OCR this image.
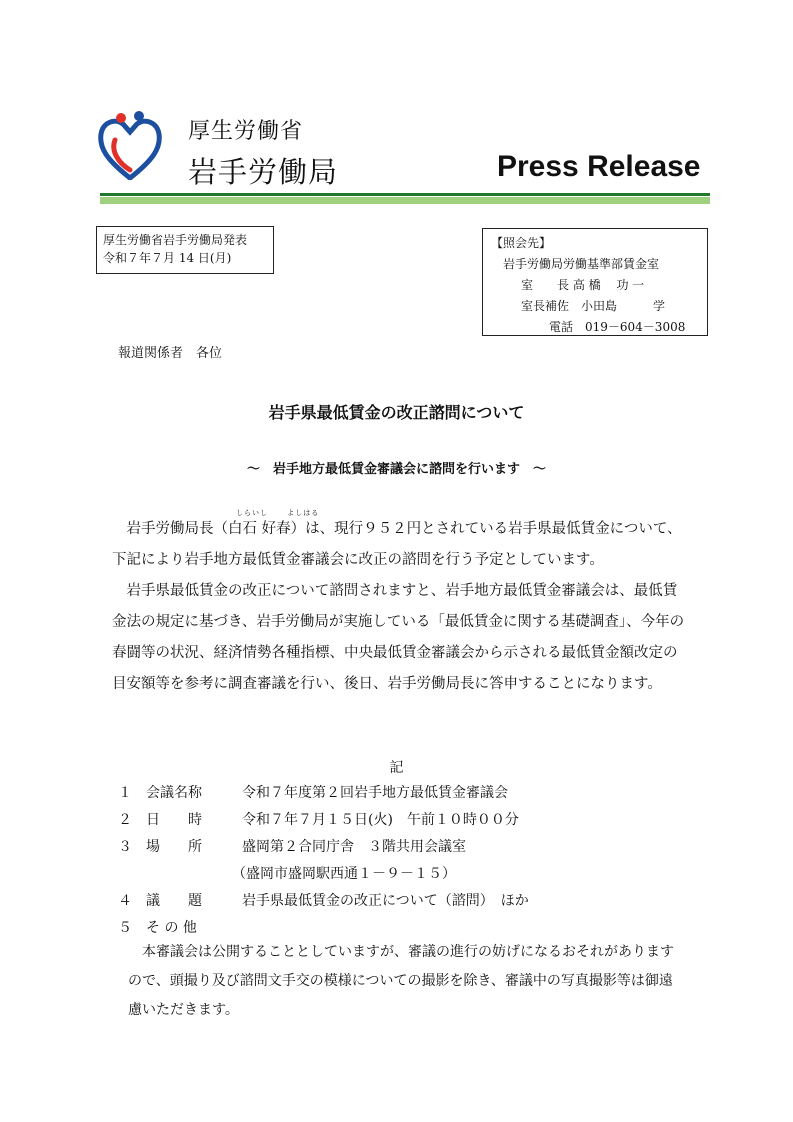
厚生労働省
岩手労働局	Press Release
厚生労働省岩手労働局発表
令和７年７月 14 日(月)
【照会先】
岩手労働局労働基準部賃金室
室　　長 高 橋　 功 一
室長補佐　小田島　　　学
電話　019－604－3008
報道関係者　各位
岩手県最低賃金の改正諮問について
～　岩手地方最低賃金審議会に諮問を行います　～
しらいし	よしはる

岩手労働局長（白石 好春）は、現行９５２円とされている岩手県最低賃金について、下記により岩手地方最低賃金審議会に改正の諮問を行う予定としています。

岩手県最低賃金の改正について諮問されますと、岩手地方最低賃金審議会は、最低賃金法の規定に基づき、岩手労働局が実施している「最低賃金に関する基礎調査」、今年の春闘等の状況、経済情勢各種指標、中央最低賃金審議会から示される最低賃金額改定の目安額等を参考に調査審議を行い、後日、岩手労働局長に答申することになります。

記
１ 会議名称	令和７年度第２回岩手地方最低賃金審議会
２ 日　　時	令和７年７月１５日(火)　午前１０時００分
３ 場　　所	盛岡第２合同庁舎　３階共用会議室
（盛岡市盛岡駅西通１－９－１５）
４ 議　　題	岩手県最低賃金の改正について（諮問）　ほか
５ そ の 他

本審議会は公開することとしていますが、審議の進行の妨げになるおそれがありますので、頭撮り及び諮問文手交の模様についての撮影を除き、審議中の写真撮影等は御遠慮いただきます。
